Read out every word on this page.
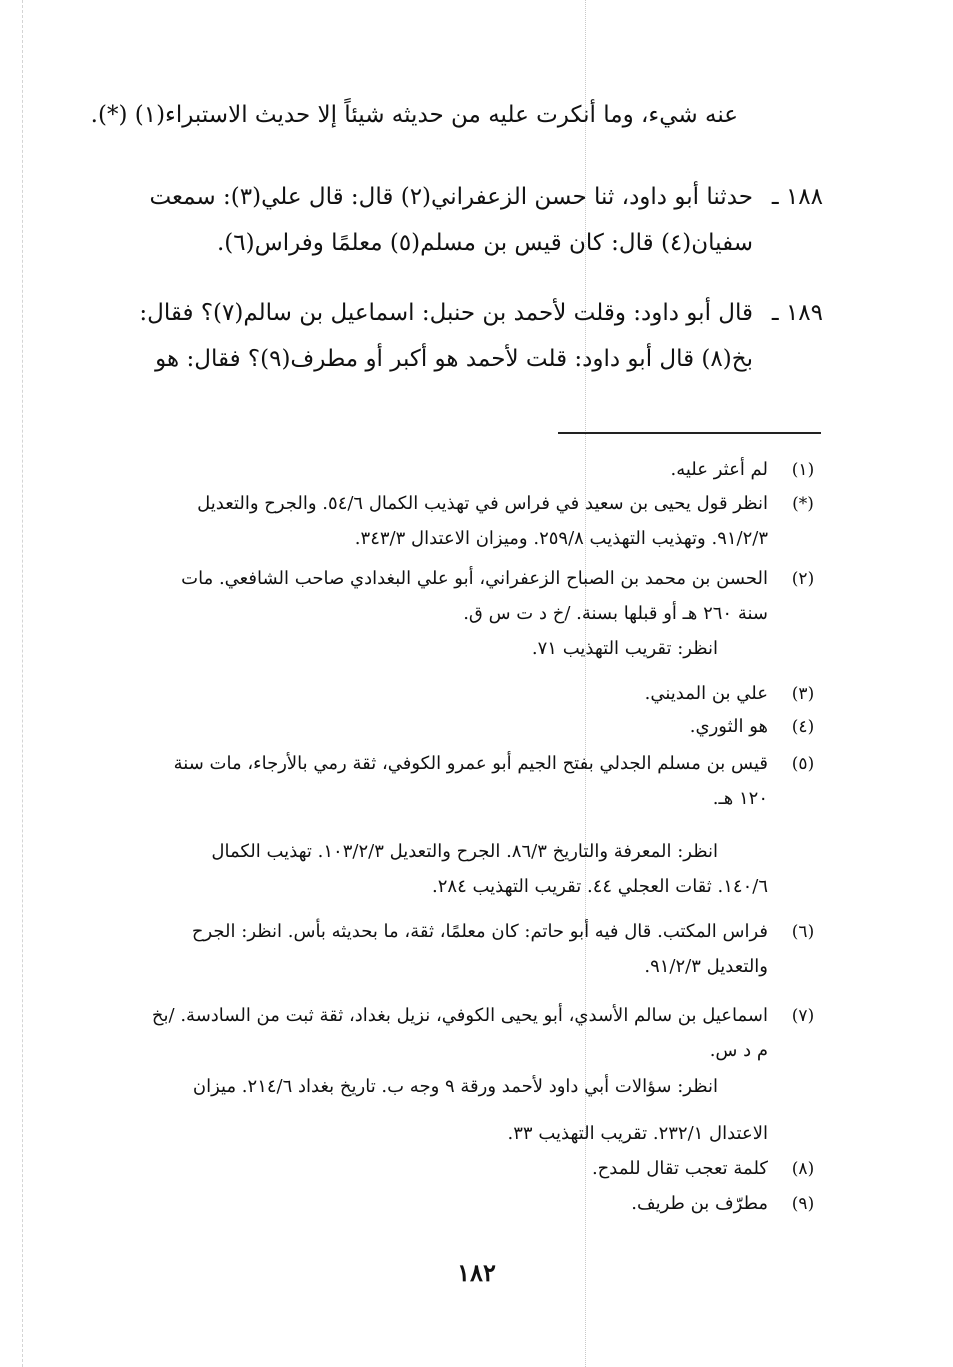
عنه شيء، وما أنكرت عليه من حديثه شيئاً إلا حديث الاستبراء(١) (*).
١٨٨ ـ
حدثنا أبو داود، ثنا حسن الزعفراني(٢) قال: قال علي(٣): سمعت
سفيان(٤) قال: كان قيس بن مسلم(٥) معلمًا وفراس(٦).
١٨٩ ـ
قال أبو داود: وقلت لأحمد بن حنبل: اسماعيل بن سالم(٧)؟ فقال:
بخ(٨) قال أبو داود: قلت لأحمد هو أكبر أو مطرف(٩)؟ فقال: هو
(١)
لم أعثر عليه.
(*)
انظر قول يحيى بن سعيد في فراس في تهذيب الكمال ٥٤/٦. والجرح والتعديل
٩١/٢/٣. وتهذيب التهذيب ٢٥٩/٨. وميزان الاعتدال ٣٤٣/٣.
(٢)
الحسن بن محمد بن الصباح الزعفراني، أبو علي البغدادي صاحب الشافعي. مات
سنة ٢٦٠ هـ أو قبلها بسنة. /خ د ت س ق.
انظر: تقريب التهذيب ٧١.
(٣)
علي بن المديني.
(٤)
هو الثوري.
(٥)
قيس بن مسلم الجدلي بفتح الجيم أبو عمرو الكوفي، ثقة رمي بالأرجاء، مات سنة
١٢٠ هـ.
انظر: المعرفة والتاريخ ٨٦/٣. الجرح والتعديل ١٠٣/٢/٣. تهذيب الكمال
١٤٠/٦. ثقات العجلي ٤٤. تقريب التهذيب ٢٨٤.
(٦)
فراس المكتب. قال فيه أبو حاتم: كان معلمًا، ثقة، ما بحديثه بأس. انظر: الجرح
والتعديل ٩١/٢/٣.
(٧)
اسماعيل بن سالم الأسدي، أبو يحيى الكوفي، نزيل بغداد، ثقة ثبت من السادسة. /بخ
م د س.
انظر: سؤالات أبي داود لأحمد ورقة ٩ وجه ب. تاريخ بغداد ٢١٤/٦. ميزان
الاعتدال ٢٣٢/١. تقريب التهذيب ٣٣.
(٨)
كلمة تعجب تقال للمدح.
(٩)
مطرّف بن طريف.
١٨٢
